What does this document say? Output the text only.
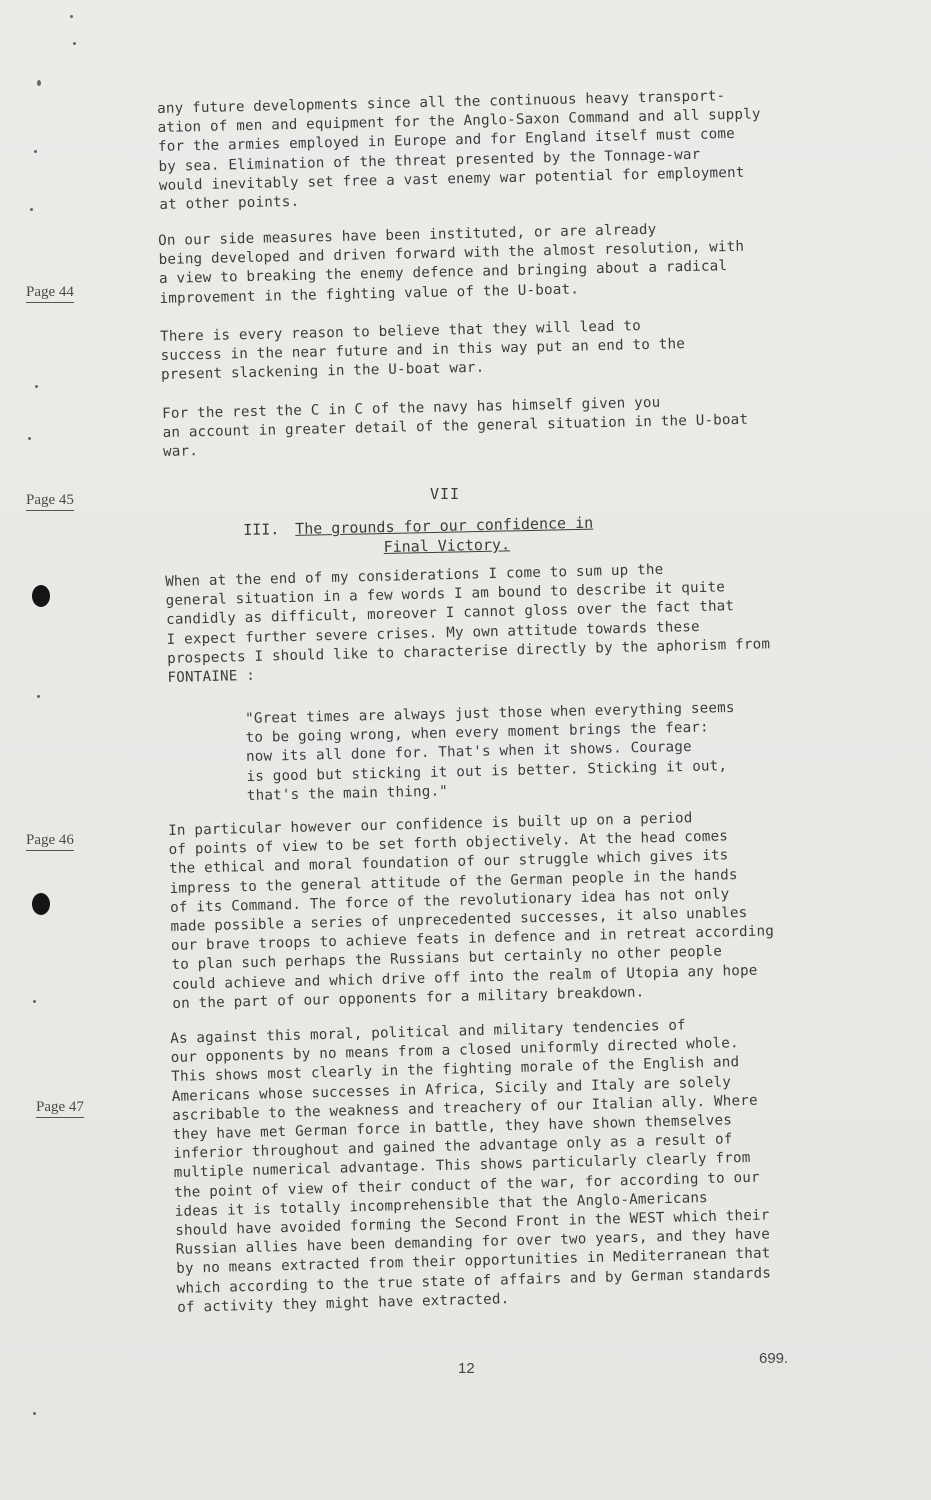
Page 44
Page 45
Page 46
Page 47

any future developments since all the continuous heavy transport-
ation of men and equipment for the Anglo-Saxon Command and all supply
for the armies employed in Europe and for England itself must come
by sea. Elimination of the threat presented by the Tonnage-war
would inevitably set free a vast enemy war potential for employment
at other points.

On our side measures have been instituted, or are already
being developed and driven forward with the almost resolution, with
a view to breaking the enemy defence and bringing about a radical
improvement in the fighting value of the U-boat.

There is every reason to believe that they will lead to
success in the near future and in this way put an end to the
present slackening in the U-boat war.

For the rest the C in C of the navy has himself given you
an account in greater detail of the general situation in the U-boat
war.

VII
III. The grounds for our confidence in
Final Victory.

When at the end of my considerations I come to sum up the
general situation in a few words I am bound to describe it quite
candidly as difficult, moreover I cannot gloss over the fact that
I expect further severe crises. My own attitude towards these
prospects I should like to characterise directly by the aphorism from
FONTAINE :

"Great times are always just those when everything seems
to be going wrong, when every moment brings the fear:
now its all done for. That's when it shows. Courage
is good but sticking it out is better. Sticking it out,
that's the main thing."

In particular however our confidence is built up on a period
of points of view to be set forth objectively. At the head comes
the ethical and moral foundation of our struggle which gives its
impress to the general attitude of the German people in the hands
of its Command. The force of the revolutionary idea has not only
made possible a series of unprecedented successes, it also unables
our brave troops to achieve feats in defence and in retreat according
to plan such perhaps the Russians but certainly no other people
could achieve and which drive off into the realm of Utopia any hope
on the part of our opponents for a military breakdown.

As against this moral, political and military tendencies of
our opponents by no means from a closed uniformly directed whole.
This shows most clearly in the fighting morale of the English and
Americans whose successes in Africa, Sicily and Italy are solely
ascribable to the weakness and treachery of our Italian ally. Where
they have met German force in battle, they have shown themselves
inferior throughout and gained the advantage only as a result of
multiple numerical advantage. This shows particularly clearly from
the point of view of their conduct of the war, for according to our
ideas it is totally incomprehensible that the Anglo-Americans
should have avoided forming the Second Front in the WEST which their
Russian allies have been demanding for over two years, and they have
by no means extracted from their opportunities in Mediterranean that
which according to the true state of affairs and by German standards
of activity they might have extracted.

12
699.
